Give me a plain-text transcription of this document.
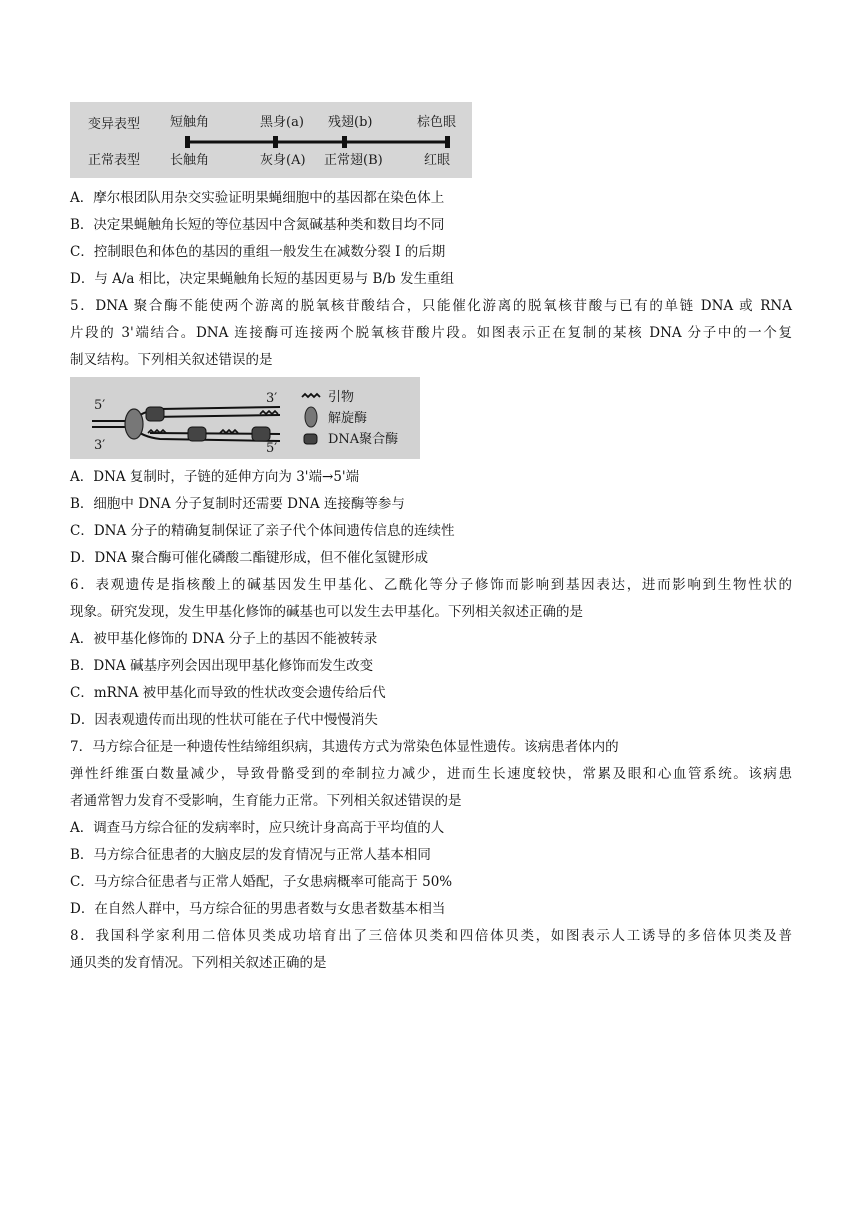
变异表型
正常表型
短触角	黑身(a) 残翅(b)	棕色眼
长触角	灰身(A) 正常翅(B)	红眼
A．摩尔根团队用杂交实验证明果蝇细胞中的基因都在染色体上
B．决定果蝇触角长短的等位基因中含氮碱基种类和数目均不同
C．控制眼色和体色的基因的重组一般发生在减数分裂 I 的后期
D．与 A/a 相比，决定果蝇触角长短的基因更易与 B/b 发生重组
5．DNA 聚合酶不能使两个游离的脱氧核苷酸结合，只能催化游离的脱氧核苷酸与已有的单链 DNA 或 RNA
片段的 3'端结合。DNA 连接酶可连接两个脱氧核苷酸片段。如图表示正在复制的某核 DNA 分子中的一个复
制叉结构。下列相关叙述错误的是
5′	3′
3′	5′
引物
解旋酶
DNA聚合酶
A．DNA 复制时，子链的延伸方向为 3'端→5'端
B．细胞中 DNA 分子复制时还需要 DNA 连接酶等参与
C．DNA 分子的精确复制保证了亲子代个体间遗传信息的连续性
D．DNA 聚合酶可催化磷酸二酯键形成，但不催化氢键形成
6．表观遗传是指核酸上的碱基因发生甲基化、乙酰化等分子修饰而影响到基因表达，进而影响到生物性状的
现象。研究发现，发生甲基化修饰的碱基也可以发生去甲基化。下列相关叙述正确的是
A．被甲基化修饰的 DNA 分子上的基因不能被转录
B．DNA 碱基序列会因出现甲基化修饰而发生改变
C．mRNA 被甲基化而导致的性状改变会遗传给后代
D．因表观遗传而出现的性状可能在子代中慢慢消失
7．马方综合征是一种遗传性结缔组织病，其遗传方式为常染色体显性遗传。该病患者体内的
弹性纤维蛋白数量减少，导致骨骼受到的牵制拉力减少，进而生长速度较快，常累及眼和心血管系统。该病患
者通常智力发育不受影响，生育能力正常。下列相关叙述错误的是
A．调查马方综合征的发病率时，应只统计身高高于平均值的人
B．马方综合征患者的大脑皮层的发育情况与正常人基本相同
C．马方综合征患者与正常人婚配，子女患病概率可能高于 50%
D．在自然人群中，马方综合征的男患者数与女患者数基本相当
8．我国科学家利用二倍体贝类成功培育出了三倍体贝类和四倍体贝类，如图表示人工诱导的多倍体贝类及普
通贝类的发育情况。下列相关叙述正确的是
